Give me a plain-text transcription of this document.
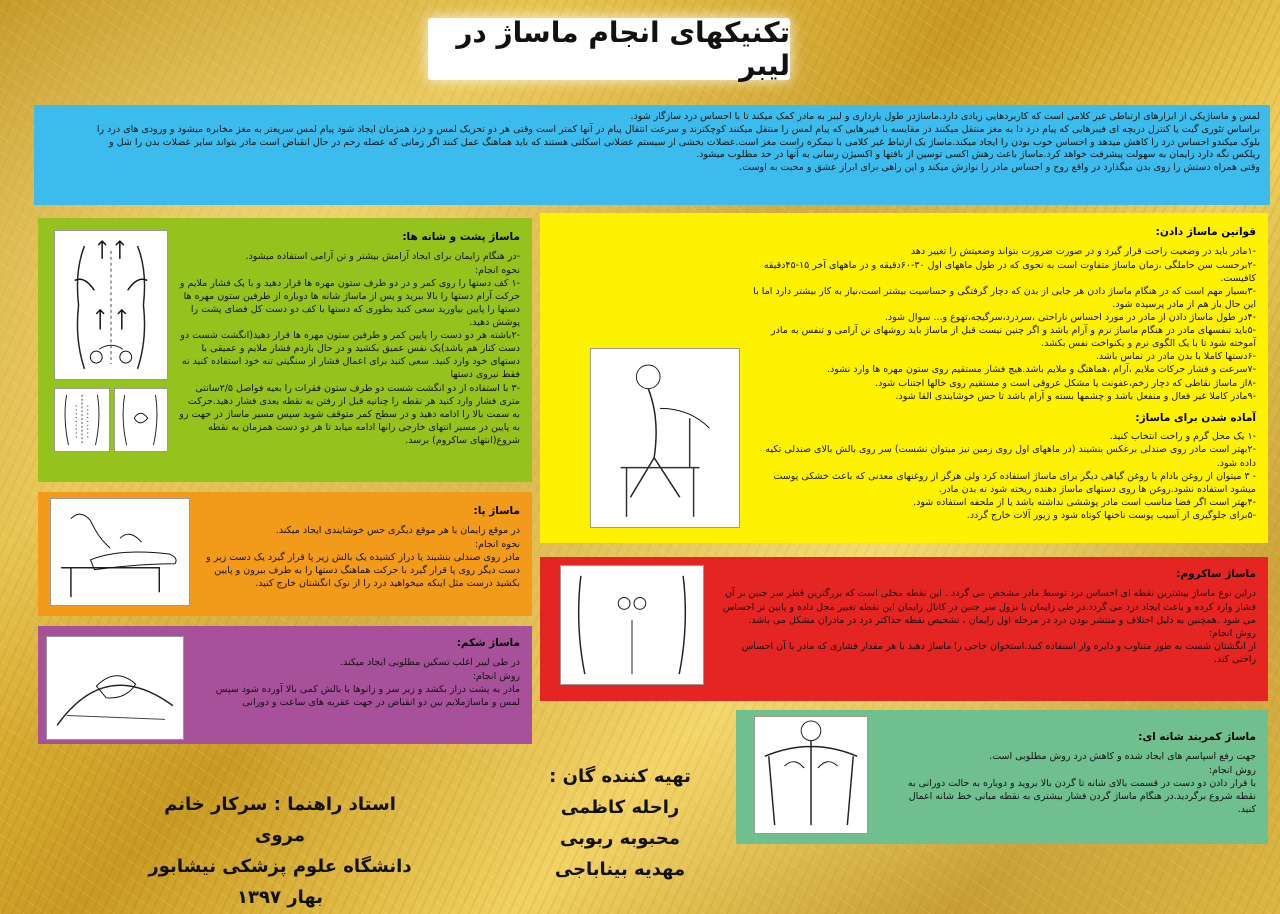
تکنیکهای انجام ماساژ در لیبر

لمس و ماساژیکی از ابزارهای ارتباطی غیر کلامی است که کاربردهایی زیادی دارد.ماساژدر طول بارداری و لیبر به مادر کمک میکند تا با احساس درد سازگار شود.

براساس تئوری گیت یا کنترل دریچه ای فیبرهایی که پیام درد دا به مغز منتقل میکنند در مقایسه با فیبرهایی که پیام لمس را منتقل میکنند کوچکترند و سرعت انتقال پیام در آنها کمتر است وقتی هر دو تحریک لمس و درد همزمان ایجاد شود پیام لمس سریعتر به مغز مخابره میشود و ورودی های درد را

بلوک میکندو احساس درد را کاهش میدهد و احساس خوب بودن را ایجاد میکند.ماساژ یک ارتباط غیر کلامی با نیمکره راست مغز است.عضلات بخشی از سیستم عضلانی اسکلتی هستند که باید هماهنگ عمل کنند اگر زمانی که عضله رحم در حال انقباض است مادر بتواند سایر عضلات بدن را شل و

ریلکس نگه دارد زایمان به سهولت پیشرفت خواهد کرد.ماساژ باعث رهش اکسی توسین از بافتها و اکسیژن رسانی به آنها در حد مطلوب میشود.

وقتی همراه دستش را روی بدن میگذارد در واقع روح و احساس مادر را نوازش میکند و این راهی برای ابراز عشق و محبت به اوست.

ماساژ پشت و شانه ها:

-در هنگام زایمان برای ایجاد آرامش بیشتر و تن آرامی استفاده میشود.

نحوه انجام:

-۱ کف دستها را روی کمر و در دو طرف ستون مهره ها قرار دهید و با یک فشار ملایم و حرکت آرام دستها را بالا ببرید و پس از ماساژ شانه ها دوباره از طرفین ستون مهره ها دستها را پایین بیاورید سعی کنید بطوری که دستها با کف دو دست کل فضای پشت را پوشش دهید.

-۲باشته هر دو دست را پایین کمر و طرفین ستون مهره ها قرار دهید(انگشت شست دو دست کنار هم باشد)یک نفس عمیق بکشید و در حال بازدم فشار ملایم و عمیقی با دستهای خود وارد کنید. سعی کنید برای اعمال فشار از سنگینی تنه خود استفاده کنید نه فقط نیروی دستها

-۳ با استفاده از دو انگشت شست دو طرف ستون فقرات را بعیه فواصل ۲/۵سانتی متری فشار وارد کنید هر نقطه را چنانیه قبل از رفتن به نقطه بعدی فشار دهید.حرکت به سمت بالا را ادامه دهید و در سطح کمر متوقف شوید سپس مسیر ماساژ در جهت رو به پایین در مسیر انتهای خارجی رانها ادامه میابد تا هر دو دست همزمان به نقطه شروع(انتهای ساکروم) برسد.

ماساژ پا:

در موقع زایمان یا هر موقع دیگری حس خوشایندی ایجاد میکند.

نحوه انجام:

مادر روی صندلی بنشیند یا دراز کشیده یک بالش زیر پا قرار گیرد یک دست زیر و دست دیگر روی پا قرار گیرد با حرکت هماهنگ دستها را به طرف بیرون و پایین بکشید درست مثل اینکه میخواهید درد را از نوک انگشتان خارج کنید.

ماساژ شکم:

در طی لیبر اغلب تسکین مطلوبی ایجاد میکند.

روش انجام:

مادر به پشت دراز بکشد و زیر سر و زانوها با بالش کمی بالا آورده شود سپس لمس و ماساژملایم بین دو انقباض در جهت عقربه های ساعت و دورانی

قوانین ماساژ دادن:

-۱مادر باید در وضعیت راحت قرار گیرد و در صورت ضرورت بتواند وضعیتش را تغییر دهد

-۲برحسب سن حاملگی ،زمان ماساژ متفاوت است به نحوی که در طول ماههای اول ۳۰-۶۰دقیقه و در ماههای آخر ۱۵-۴۵دقیقه کافیست.

-۳بسیار مهم است که در هنگام ماساژ دادن هر جایی از بدن که دچار گرفتگی و حساسیت بیشتر است،نیاز به کار بیشتر دارد اما با این حال باز هم از مادر پرسیده شود.

-۴در طول ماساژ دادن از مادر در مورد احساس ناراحتی ،سردرد،سرگیجه،تهوع و... سوال شود.

-۵باید تنفسهای مادر در هنگام ماساژ نرم و آرام باشد و اگر چنین نیست قبل از ماساژ باید روشهای تن آرامی و تنفس به مادر آموخته شود تا با یک الگوی نرم و یکنواخت نفس بکشد.

-۶دستها کاملا با بدن مادر در تماس باشد.

-۷سرعت و فشار حرکات ملایم ،آرام ،هماهنگ و ملایم باشد.هیچ فشار مستقیم روی ستون مهره ها وارد نشود.

-۸از ماساژ نقاطی که دچار زخم،عفونت یا مشکل عروقی است و مستقیم روی خالها اجتناب شود.

-۹مادر کاملا غیر فعال و منفعل باشد و چشمها بسته و آرام باشد تا حس خوشایندی القا شود.

آماده شدن برای ماساژ:

-۱ یک محل گرم و راحت انتخاب کنید.

-۲بهتر است مادر روی صندلی برعکس بنشیند (در ماههای اول روی زمین نیز میتوان نشست) سر روی بالش بالای صندلی تکیه داده شود.

- ۳ میتوان از روغن بادام یا روغن گیاهی دیگر برای ماساژ استفاده کرد ولی هرگز از روغنهای معدنی که باعث خشکی پوست میشود استفاده نشود.روغن ها روی دستهای ماساژ دهنده ریخته شود نه بدن مادر.

-۴بهتر است اگر فضا مناسب است مادر پوششی نداشته باشد یا از ملحفه استفاده شود.

-۵برای جلوگیری از آسیب پوست ناخنها کوتاه شود و زیور آلات خارج گردد.

ماساژ ساکروم:

دراین نوع ماساژ بیشترین نقطه ای احساس درد توسط مادر مشخص می گردد . این نقطه محلی است که بزرگترین قطر سر جنین بر آن فشار وارد کرده و باعث ایجاد درد می گردد.در طی زایمان با نزول سر جنین در کانال زایمان این نقطه تغییر محل داده و پایین تر احساس می شود .همچنین به دلیل اختلاف و منتشر بودن درد در مرحله اول زایمان ، تشخیص نقطه حداکثر درد در مادران مشکل می باشد.

روش انجام:

از انگشتان شست به طور متناوب و دایره وار استفاده کنید.استخوان خاجی را ماساژ دهید با هر مقدار فشاری که مادر با آن احساس راحتی کند.

ماساژ کمربند شانه ای:

جهت رفع اسپاسم های ایجاد شده و کاهش درد روش مطلوبی است.

روش انجام:

با قرار دادن دو دست در قسمت بالای شانه تا گردن بالا بروید و دوباره به حالت دورانی به نقطه شروع برگردید.در هنگام ماساژ گردن فشار بیشتری به نقطه میانی خط شانه اعمال کنید.

استاد راهنما : سرکار خانم مروی
دانشگاه علوم پزشکی نیشابور
بهار ۱۳۹۷
تهیه کننده گان :
راحله کاظمی
محبوبه ربوبی
مهدیه بیناباجی
